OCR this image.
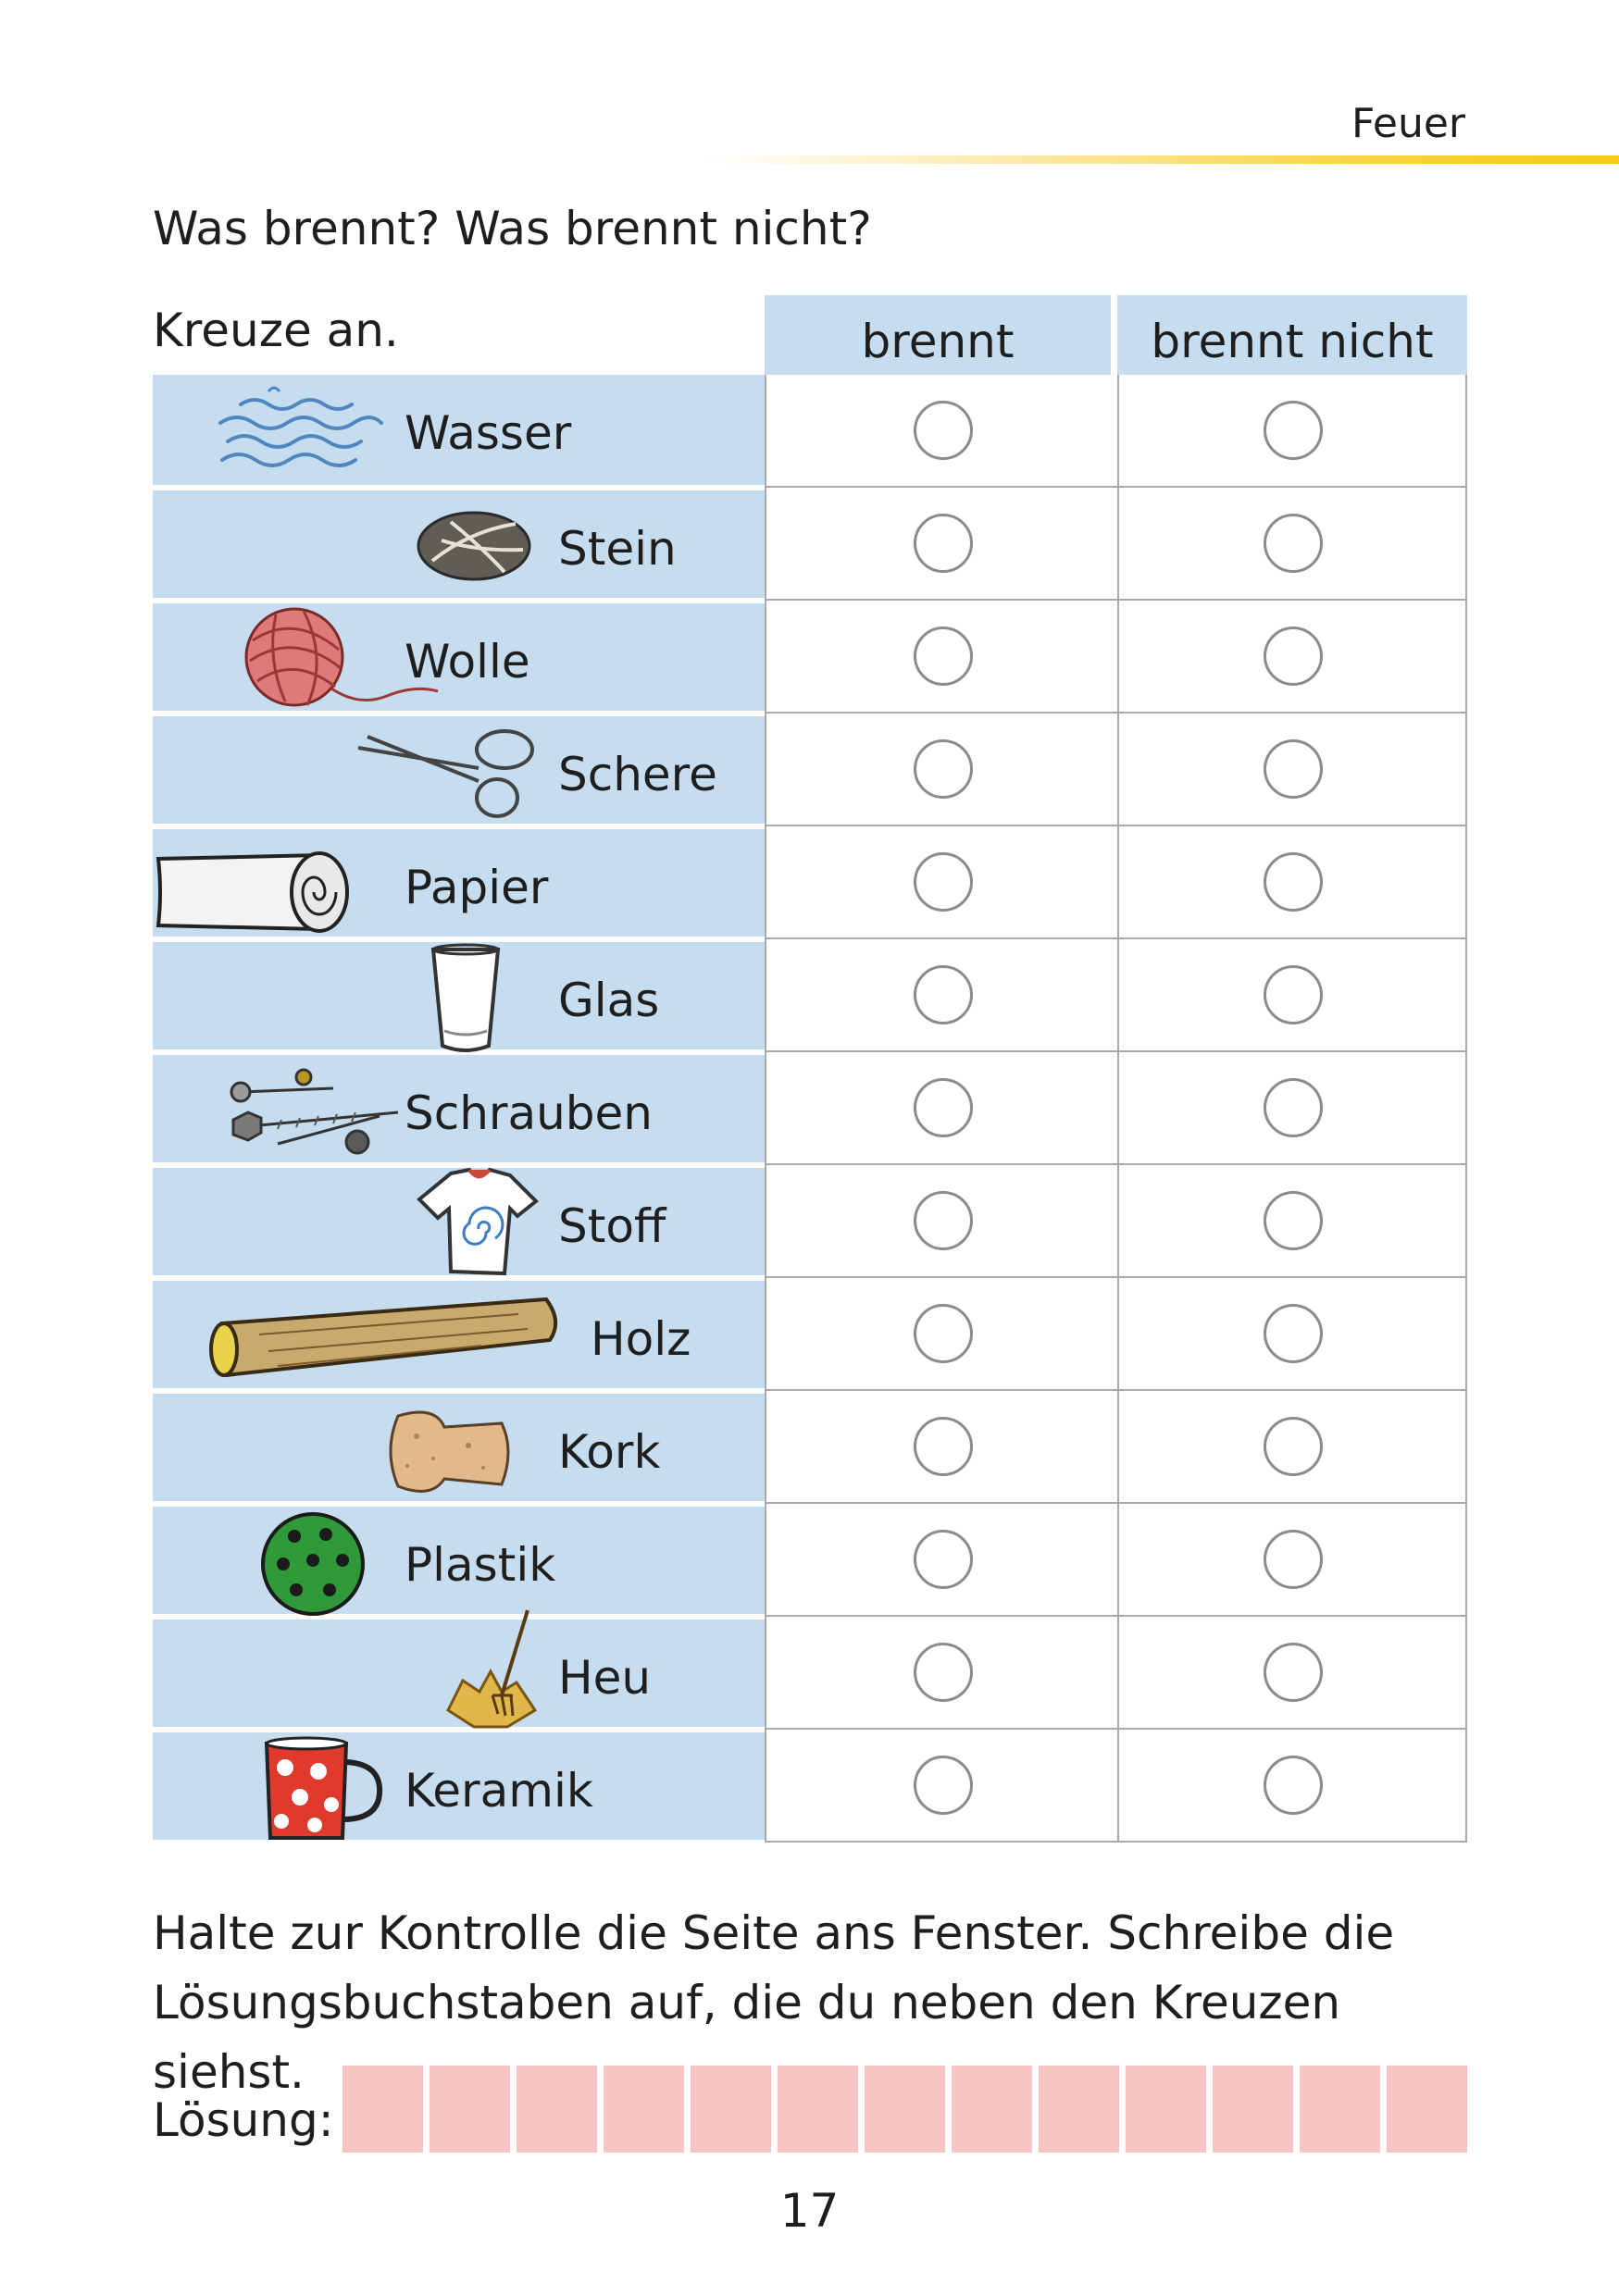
Feuer
Was brennt? Was brennt nicht?
Kreuze an.	brennt	brennt nicht
Wasser
Stein
Wolle
Schere
Papier
Glas
Schrauben
Stoff
Holz
Kork
Plastik
Heu
Keramik
Halte zur Kontrolle die Seite ans Fenster. Schreibe die Lösungsbuchstaben auf, die du neben den Kreuzen siehst.
Lösung:
17
